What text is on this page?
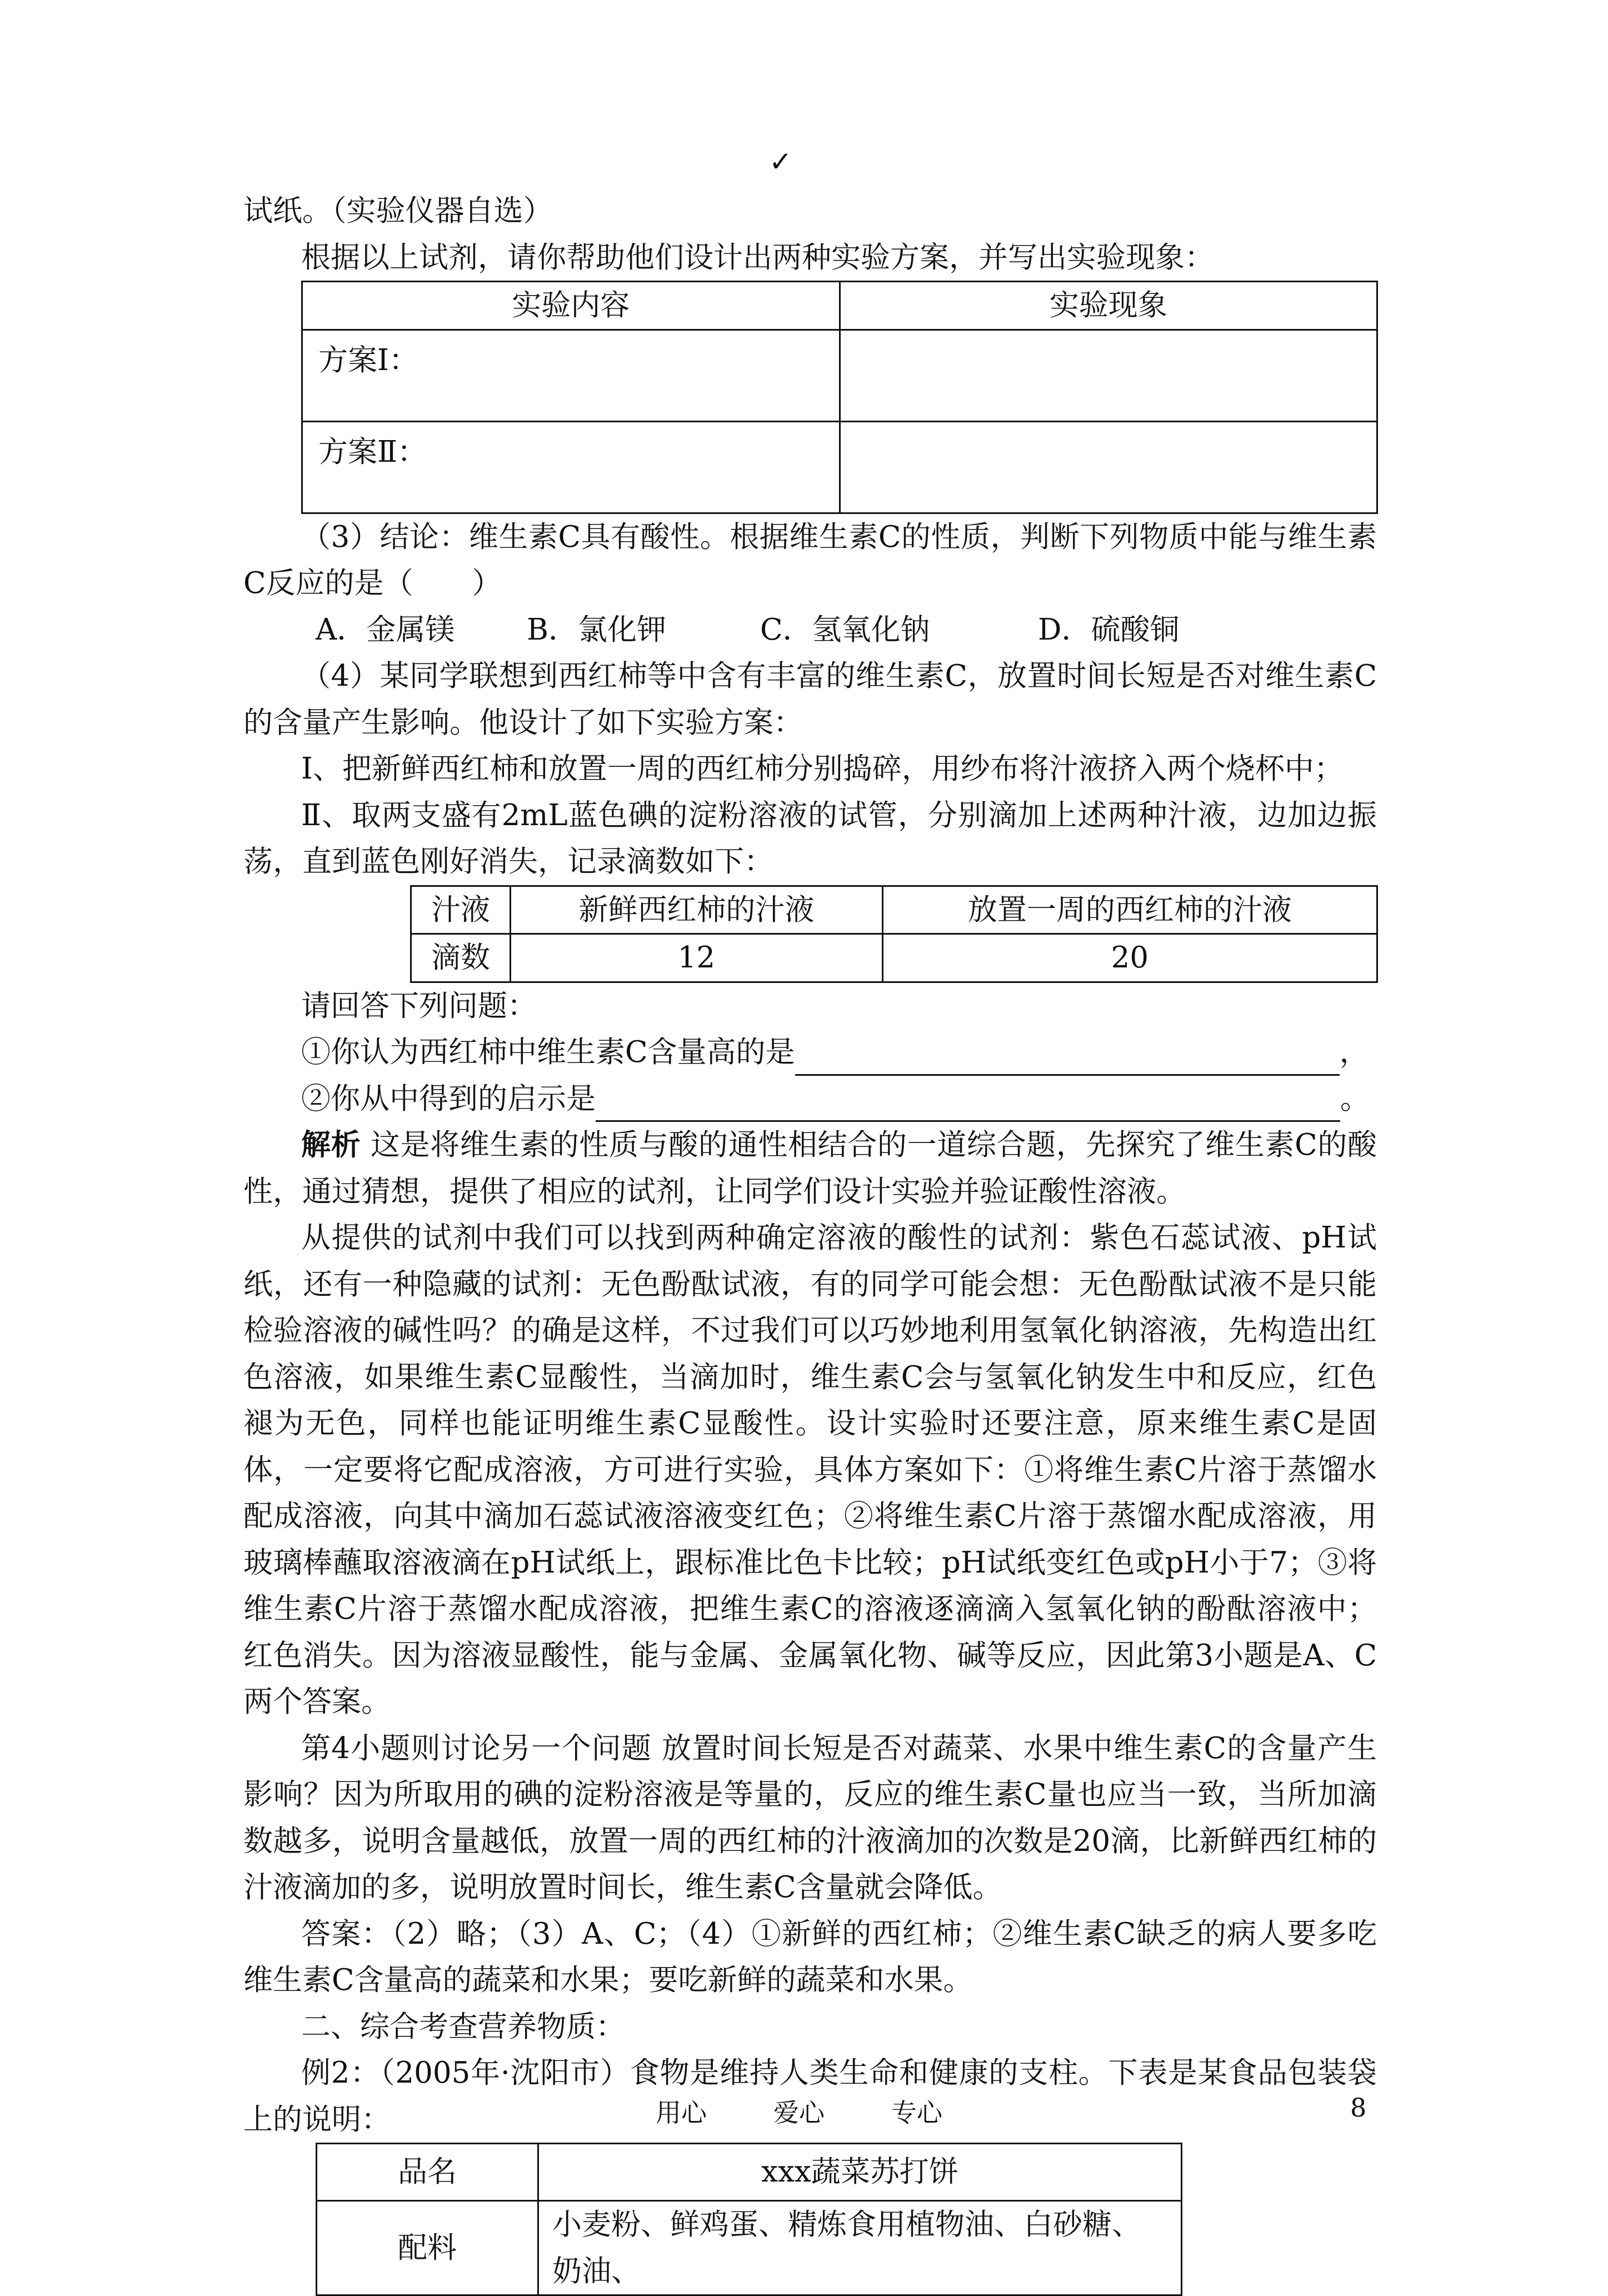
✓

试纸。（实验仪器自选）

根据以上试剂，请你帮助他们设计出两种实验方案，并写出实验现象：

实验内容	实验现象
方案Ⅰ：	
方案Ⅱ：	

（3）结论：维生素C具有酸性。根据维生素C的性质，判断下列物质中能与维生素C反应的是（　　）

A．金属镁 B．氯化钾	C．氢氧化钠	D．硫酸铜

（4）某同学联想到西红柿等中含有丰富的维生素C，放置时间长短是否对维生素C的含量产生影响。他设计了如下实验方案：

Ⅰ、把新鲜西红柿和放置一周的西红柿分别捣碎，用纱布将汁液挤入两个烧杯中；

Ⅱ、取两支盛有2mL蓝色碘的淀粉溶液的试管，分别滴加上述两种汁液，边加边振荡，直到蓝色刚好消失，记录滴数如下：

汁液	新鲜西红柿的汁液	放置一周的西红柿的汁液
滴数	12	20

请回答下列问题：

①你认为西红柿中维生素C含量高的是	，

②你从中得到的启示是	。

解析 这是将维生素的性质与酸的通性相结合的一道综合题，先探究了维生素C的酸性，通过猜想，提供了相应的试剂，让同学们设计实验并验证酸性溶液。

从提供的试剂中我们可以找到两种确定溶液的酸性的试剂：紫色石蕊试液、pH试纸，还有一种隐藏的试剂：无色酚酞试液，有的同学可能会想：无色酚酞试液不是只能检验溶液的碱性吗？的确是这样，不过我们可以巧妙地利用氢氧化钠溶液，先构造出红色溶液，如果维生素C显酸性，当滴加时，维生素C会与氢氧化钠发生中和反应，红色褪为无色，同样也能证明维生素C显酸性。设计实验时还要注意，原来维生素C是固体，一定要将它配成溶液，方可进行实验，具体方案如下：①将维生素C片溶于蒸馏水配成溶液，向其中滴加石蕊试液溶液变红色；②将维生素C片溶于蒸馏水配成溶液，用玻璃棒蘸取溶液滴在pH试纸上，跟标准比色卡比较；pH试纸变红色或pH小于7；③将维生素C片溶于蒸馏水配成溶液，把维生素C的溶液逐滴滴入氢氧化钠的酚酞溶液中；红色消失。因为溶液显酸性，能与金属、金属氧化物、碱等反应，因此第3小题是A、C两个答案。

第4小题则讨论另一个问题 放置时间长短是否对蔬菜、水果中维生素C的含量产生影响？因为所取用的碘的淀粉溶液是等量的，反应的维生素C量也应当一致，当所加滴数越多，说明含量越低，放置一周的西红柿的汁液滴加的次数是20滴，比新鲜西红柿的汁液滴加的多，说明放置时间长，维生素C含量就会降低。

答案：（2）略；（3）A、C；（4）①新鲜的西红柿；②维生素C缺乏的病人要多吃维生素C含量高的蔬菜和水果；要吃新鲜的蔬菜和水果。

二、综合考查营养物质：

例2：（2005年·沈阳市）食物是维持人类生命和健康的支柱。下表是某食品包装袋上的说明：

品名	xxx蔬菜苏打饼
配料	小麦粉、鲜鸡蛋、精炼食用植物油、白砂糖、奶油、
用心	爱心	专心	8
